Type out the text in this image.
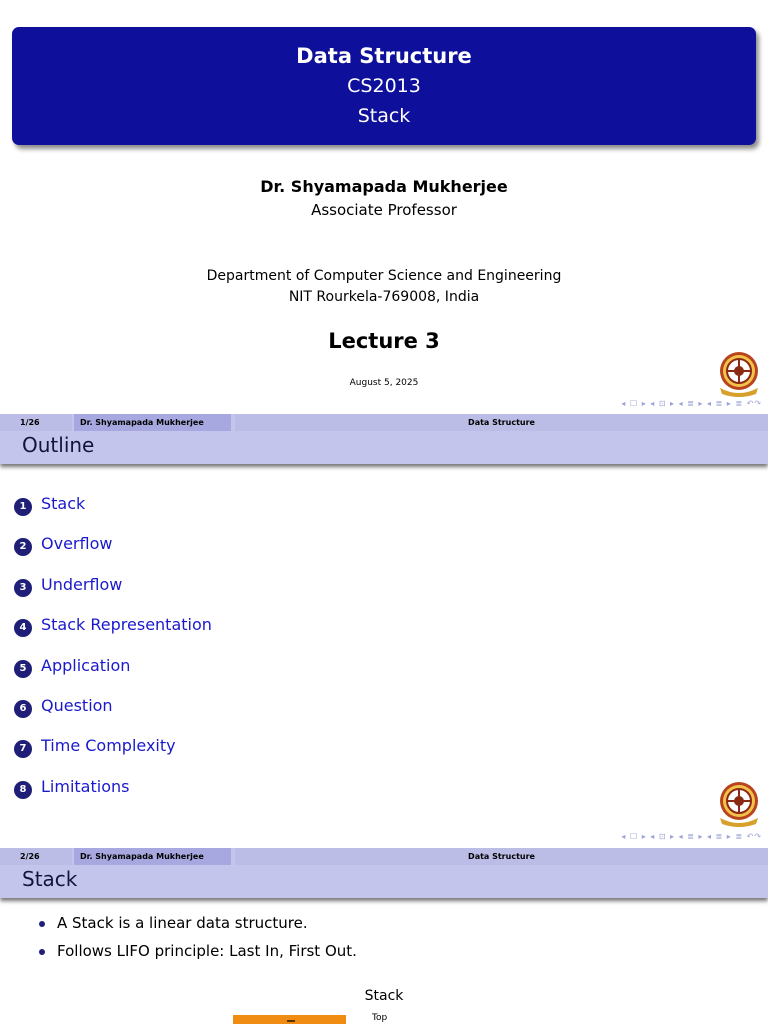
Data Structure
CS2013
Stack
Dr. Shyamapada Mukherjee
Associate Professor
Department of Computer Science and Engineering
NIT Rourkela-769008, India
Lecture 3
August 5, 2025
◂ ☐ ▸ ◂ ⊡ ▸ ◂ ≣ ▸ ◂ ≣ ▸ ≣ ↶↷
1/26	Dr. Shyamapada Mukherjee	Data Structure
Outline
1 Stack
2 Overflow
3 Underflow
4 Stack Representation
5 Application
6 Question
7 Time Complexity
8 Limitations
◂ ☐ ▸ ◂ ⊡ ▸ ◂ ≣ ▸ ◂ ≣ ▸ ≣ ↶↷
2/26	Dr. Shyamapada Mukherjee	Data Structure
Stack
A Stack is a linear data structure.
Follows LIFO principle: Last In, First Out.
Stack
Top
